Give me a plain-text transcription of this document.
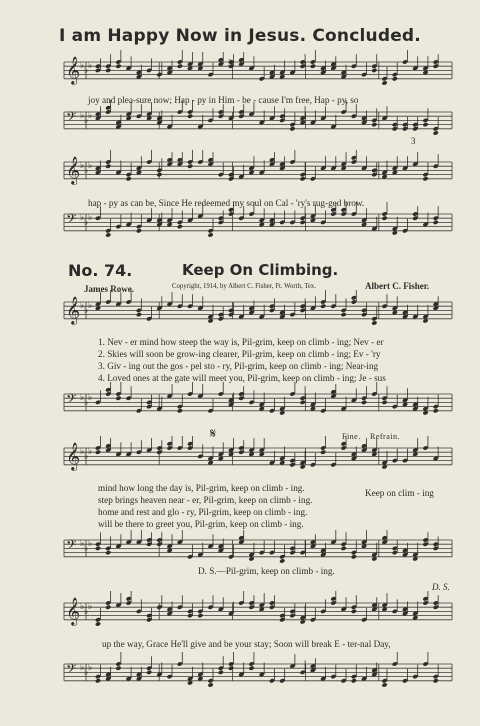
I am Happy Now in Jesus. Concluded.
No. 74.	Keep On Climbing.
James Rowe.	Copyright, 1914, by Albert C. Fisher, Ft. Worth, Tex.	Albert C. Fisher.
joy and plea-sure now; Hap - py in Him - be - cause I'm free, Hap - py, so
hap - py as can be, Since He redeemed my soul on Cal - 'ry's rug-ged brow.
3
1. Nev - er mind how steep the way is, Pil-grim, keep on climb - ing; Nev - er
2. Skies will soon be grow-ing clearer, Pil-grim, keep on climb - ing; Ev - 'ry
3. Giv - ing out the gos - pel sto - ry, Pil-grim, keep on climb - ing; Near-ing
4. Loved ones at the gate will meet you, Pil-grim, keep on climb - ing; Je - sus
mind how long the day is, Pil-grim, keep on climb - ing.
step brings heaven near - er, Pil-grim, keep on climb - ing.
home and rest and glo - ry, Pil-grim, keep on climb - ing.
will be there to greet you, Pil-grim, keep on climb - ing.
Keep on clim - ing
𝄋	Fine. Refrain.
D. S.—Pil-grim, keep on climb - ing.
up the way, Grace He'll give and be your stay; Soon will break E - ter-nal Day,
D. S.
𝄞 ♭ ♭ ♭
𝄢 ♭ ♭ ♭
𝄞 ♭ ♭ ♭
𝄢 ♭ ♭ ♭
𝄞 ♭ ♭ ♭
𝄢 ♭ ♭ ♭
𝄞 ♭ ♭ ♭
𝄢 ♭ ♭ ♭
𝄞 ♭ ♭ ♭
𝄢 ♭ ♭ ♭
